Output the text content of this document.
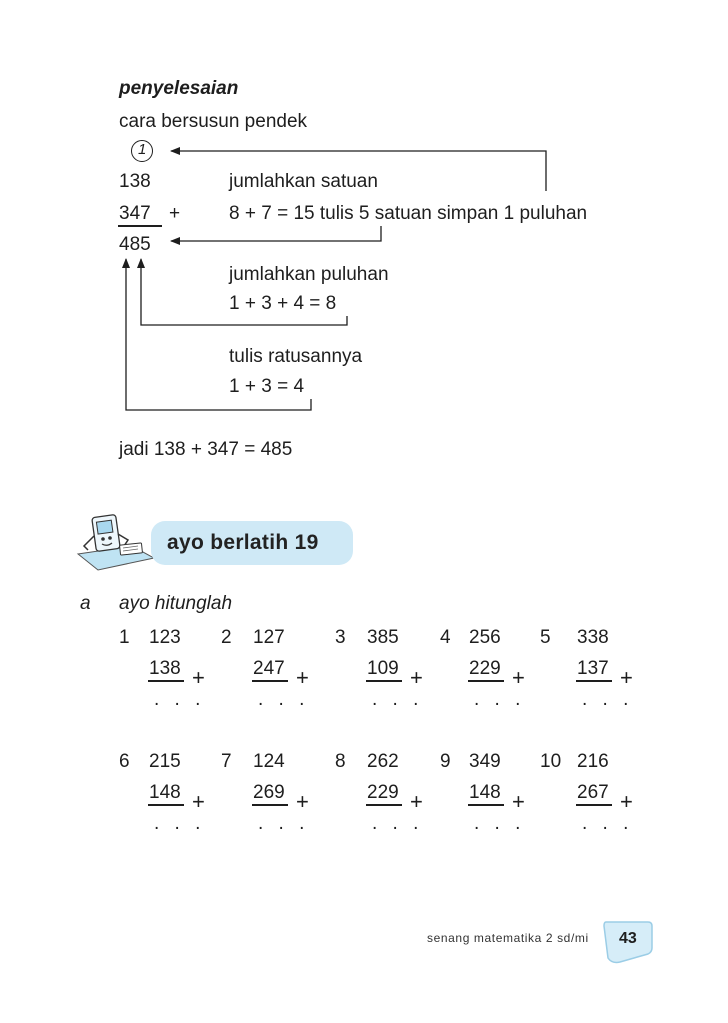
penyelesaian
cara bersusun pendek
1
138
347 +
485
jumlahkan satuan
8 + 7 = 15 tulis 5 satuan simpan 1 puluhan
jumlahkan puluhan
1 + 3 + 4 = 8
tulis ratusannya
1 + 3 = 4
jadi 138 + 347 = 485
ayo berlatih 19
a ayo hitunglah
1 123
138 +
. . .
2 127
247 +
. . .
3 385
109 +
. . .
4 256
229 +
. . .
5 338
137 +
. . .
6 215
148 +
. . .
7 124
269 +
. . .
8 262
229 +
. . .
9 349
148 +
. . .
10 216
267 +
. . .
senang matematika 2 sd/mi 43
